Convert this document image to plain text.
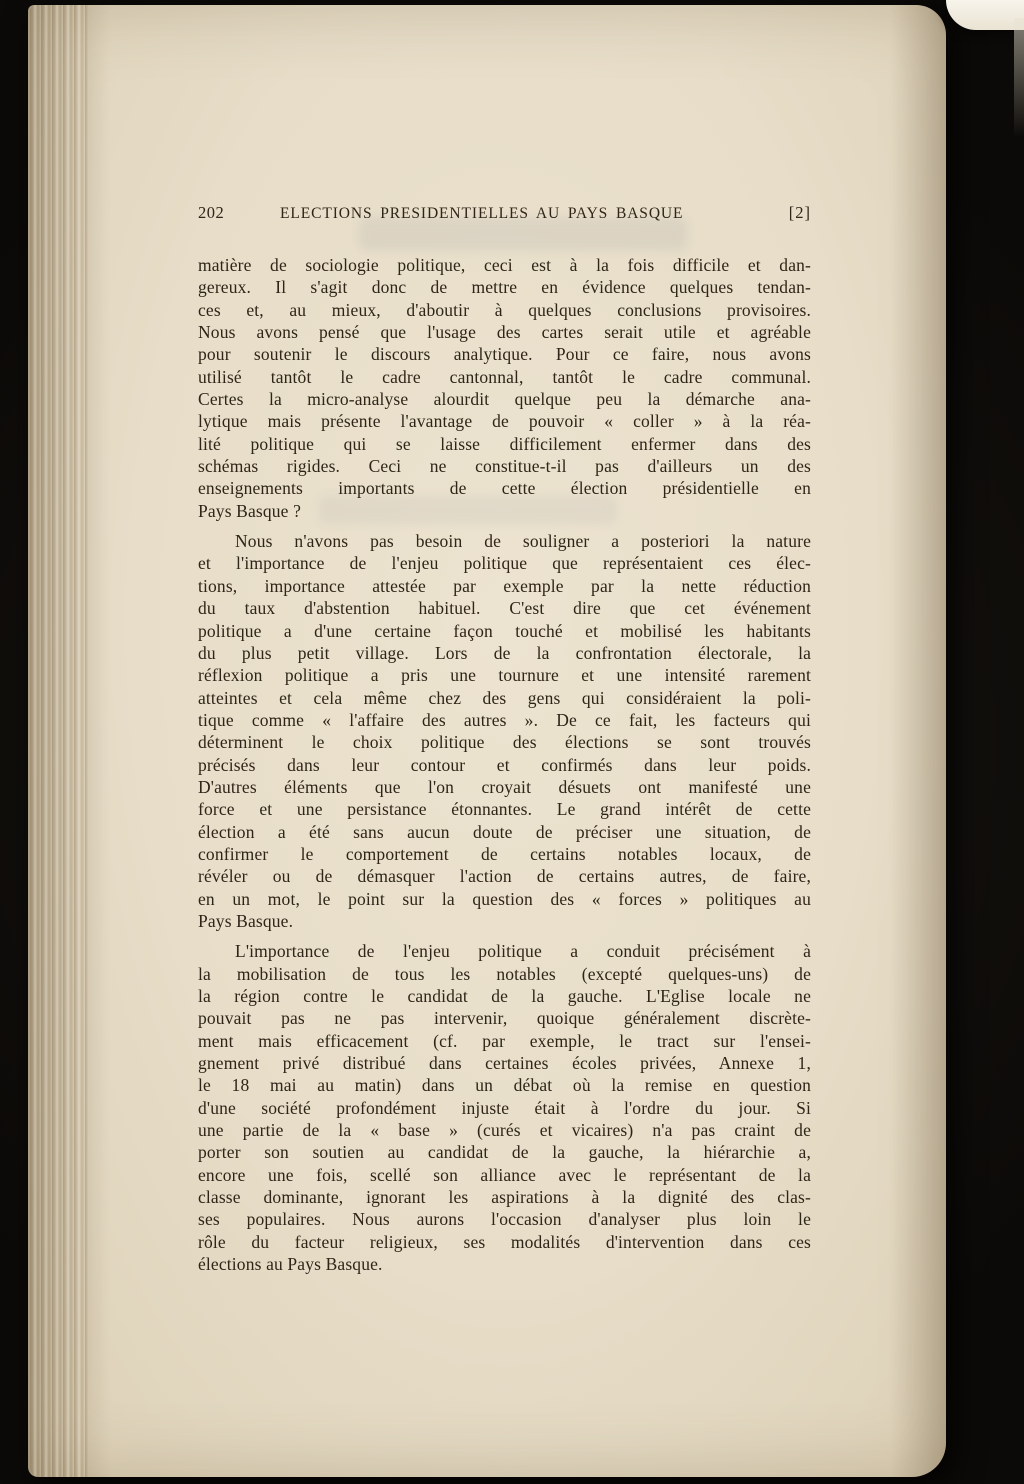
202	ELECTIONS PRESIDENTIELLES AU PAYS BASQUE	[2]
matière de sociologie politique, ceci est à la fois difficile et dan-
gereux. Il s'agit donc de mettre en évidence quelques tendan-
ces et, au mieux, d'aboutir à quelques conclusions provisoires.
Nous avons pensé que l'usage des cartes serait utile et agréable
pour soutenir le discours analytique. Pour ce faire, nous avons
utilisé tantôt le cadre cantonnal, tantôt le cadre communal.
Certes la micro-analyse alourdit quelque peu la démarche ana-
lytique mais présente l'avantage de pouvoir « coller » à la réa-
lité politique qui se laisse difficilement enfermer dans des
schémas rigides. Ceci ne constitue-t-il pas d'ailleurs un des
enseignements importants de cette élection présidentielle en
Pays Basque ?
Nous n'avons pas besoin de souligner a posteriori la nature
et l'importance de l'enjeu politique que représentaient ces élec-
tions, importance attestée par exemple par la nette réduction
du taux d'abstention habituel. C'est dire que cet événement
politique a d'une certaine façon touché et mobilisé les habitants
du plus petit village. Lors de la confrontation électorale, la
réflexion politique a pris une tournure et une intensité rarement
atteintes et cela même chez des gens qui considéraient la poli-
tique comme « l'affaire des autres ». De ce fait, les facteurs qui
déterminent le choix politique des élections se sont trouvés
précisés dans leur contour et confirmés dans leur poids.
D'autres éléments que l'on croyait désuets ont manifesté une
force et une persistance étonnantes. Le grand intérêt de cette
élection a été sans aucun doute de préciser une situation, de
confirmer le comportement de certains notables locaux, de
révéler ou de démasquer l'action de certains autres, de faire,
en un mot, le point sur la question des « forces » politiques au
Pays Basque.
L'importance de l'enjeu politique a conduit précisément à
la mobilisation de tous les notables (excepté quelques-uns) de
la région contre le candidat de la gauche. L'Eglise locale ne
pouvait pas ne pas intervenir, quoique généralement discrète-
ment mais efficacement (cf. par exemple, le tract sur l'ensei-
gnement privé distribué dans certaines écoles privées, Annexe 1,
le 18 mai au matin) dans un débat où la remise en question
d'une société profondément injuste était à l'ordre du jour. Si
une partie de la « base » (curés et vicaires) n'a pas craint de
porter son soutien au candidat de la gauche, la hiérarchie a,
encore une fois, scellé son alliance avec le représentant de la
classe dominante, ignorant les aspirations à la dignité des clas-
ses populaires. Nous aurons l'occasion d'analyser plus loin le
rôle du facteur religieux, ses modalités d'intervention dans ces
élections au Pays Basque.
